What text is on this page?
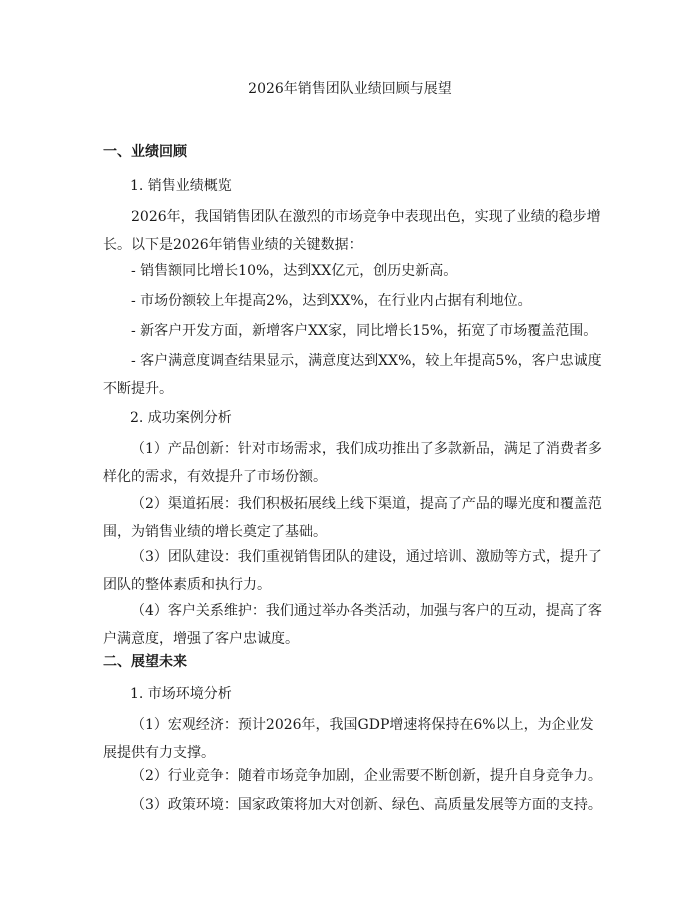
2026年销售团队业绩回顾与展望
一、业绩回顾
1. 销售业绩概览
2026年，我国销售团队在激烈的市场竞争中表现出色，实现了业绩的稳步增长。以下是2026年销售业绩的关键数据：
- 销售额同比增长10%，达到XX亿元，创历史新高。
- 市场份额较上年提高2%，达到XX%，在行业内占据有利地位。
- 新客户开发方面，新增客户XX家，同比增长15%，拓宽了市场覆盖范围。
- 客户满意度调查结果显示，满意度达到XX%，较上年提高5%，客户忠诚度不断提升。
2. 成功案例分析
（1）产品创新：针对市场需求，我们成功推出了多款新品，满足了消费者多样化的需求，有效提升了市场份额。
（2）渠道拓展：我们积极拓展线上线下渠道，提高了产品的曝光度和覆盖范围，为销售业绩的增长奠定了基础。
（3）团队建设：我们重视销售团队的建设，通过培训、激励等方式，提升了团队的整体素质和执行力。
（4）客户关系维护：我们通过举办各类活动，加强与客户的互动，提高了客户满意度，增强了客户忠诚度。
二、展望未来
1. 市场环境分析
（1）宏观经济：预计2026年，我国GDP增速将保持在6%以上，为企业发展提供有力支撑。
（2）行业竞争：随着市场竞争加剧，企业需要不断创新，提升自身竞争力。
（3）政策环境：国家政策将加大对创新、绿色、高质量发展等方面的支持。
